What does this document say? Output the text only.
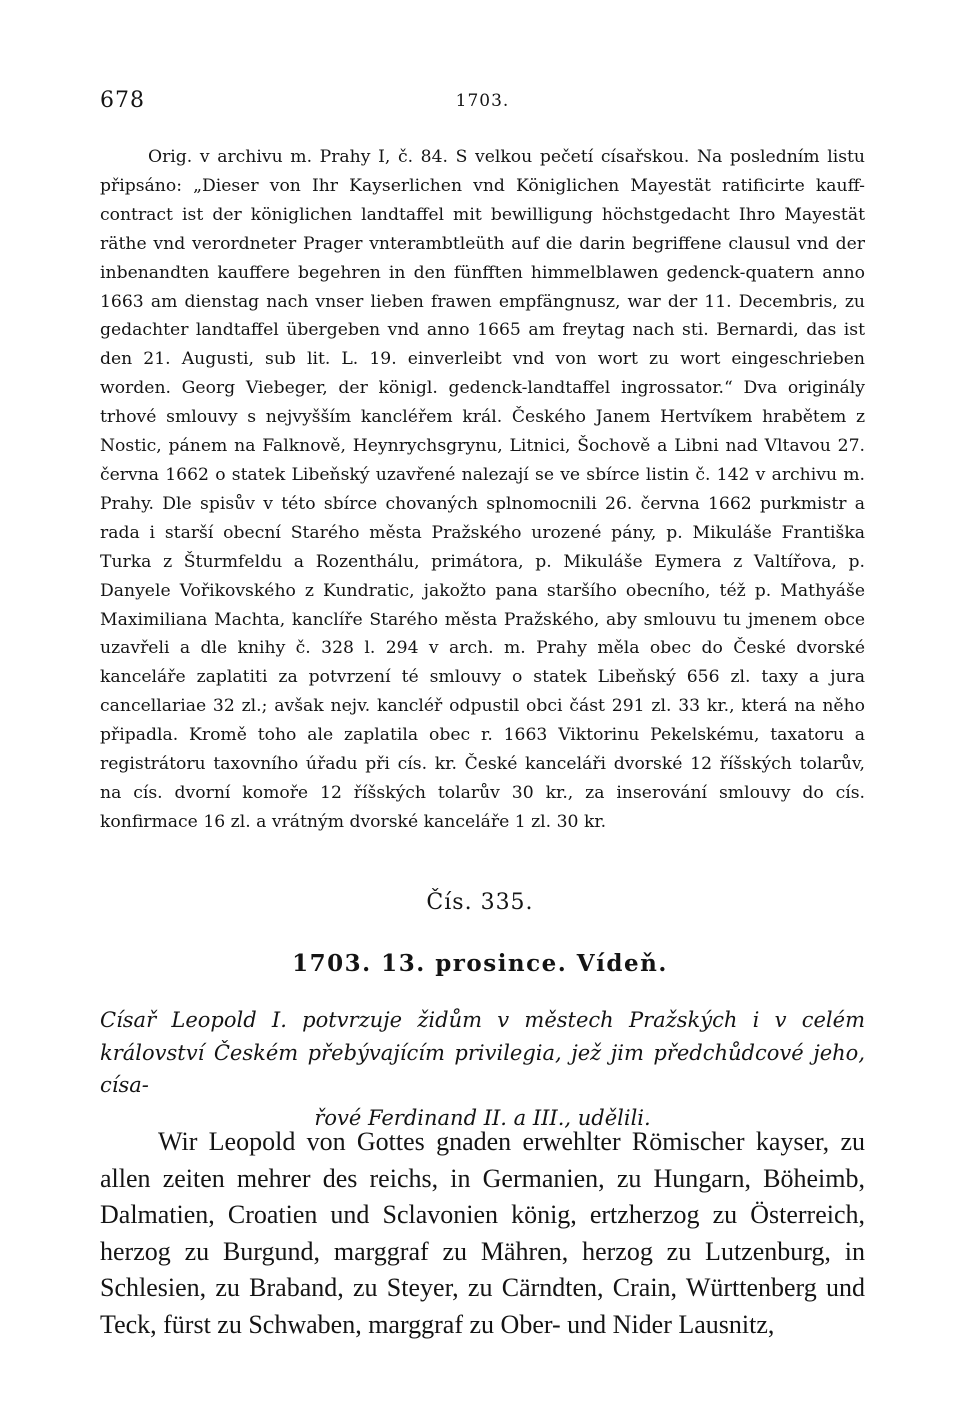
678	1703.

Orig. v archivu m. Prahy I, č. 84. S velkou pečetí císařskou. Na posledním listu připsáno: „Dieser von Ihr Kayserlichen vnd Königlichen Mayestät ratificirte kauff-contract ist der königlichen landtaffel mit bewilligung höchstgedacht Ihro Mayestät räthe vnd verordneter Prager vnterambtleüth auf die darin begriffene clausul vnd der inbenandten kauffere begehren in den fünfften himmelblawen gedenck-quatern anno 1663 am dienstag nach vnser lieben frawen empfängnusz, war der 11. Decembris, zu gedachter landtaffel übergeben vnd anno 1665 am freytag nach sti. Bernardi, das ist den 21. Augusti, sub lit. L. 19. einverleibt vnd von wort zu wort eingeschrieben worden. Georg Viebeger, der königl. gedenck-landtaffel ingrossator.“ Dva originály trhové smlouvy s nejvyšším kancléřem král. Českého Janem Hertvíkem hrabětem z Nostic, pánem na Falknově, Heynrychsgrynu, Litnici, Šochově a Libni nad Vltavou 27. června 1662 o statek Libeňský uzavřené nalezají se ve sbírce listin č. 142 v archivu m. Prahy. Dle spisův v této sbírce chovaných splnomocnili 26. června 1662 purkmistr a rada i starší obecní Starého města Pražského urozené pány, p. Mikuláše Františka Turka z Šturmfeldu a Rozenthálu, primátora, p. Mikuláše Eymera z Valtířova, p. Danyele Vořikovského z Kundratic, jakožto pana staršího obecního, též p. Mathyáše Maximiliana Machta, kanclíře Starého města Pražského, aby smlouvu tu jmenem obce uzavřeli a dle knihy č. 328 l. 294 v arch. m. Prahy měla obec do České dvorské kanceláře zaplatiti za potvrzení té smlouvy o statek Libeňský 656 zl. taxy a jura cancellariae 32 zl.; avšak nejv. kancléř odpustil obci část 291 zl. 33 kr., která na něho připadla. Kromě toho ale zaplatila obec r. 1663 Viktorinu Pekelskému, taxatoru a registrátoru taxovního úřadu při cís. kr. České kanceláři dvorské 12 říšských tolarův, na cís. dvorní komoře 12 říšských tolarův 30 kr., za inserování smlouvy do cís. konfirmace 16 zl. a vrátným dvorské kanceláře 1 zl. 30 kr.

Čís. 335.
1703. 13. prosince. Vídeň.

Císař Leopold I. potvrzuje židům v městech Pražských i v celém království Českém přebývajícím privilegia, jež jim předchůdcové jeho, císa-
řové Ferdinand II. a III., udělili.

Wir Leopold von Gottes gnaden erwehlter Römischer kayser, zu allen zeiten mehrer des reichs, in Germanien, zu Hungarn, Böheimb, Dalmatien, Croatien und Sclavonien könig, ertzherzog zu Österreich, herzog zu Burgund, marggraf zu Mähren, herzog zu Lutzenburg, in Schlesien, zu Braband, zu Steyer, zu Cärndten, Crain, Württenberg und Teck, fürst zu Schwaben, marggraf zu Ober- und Nider Lausnitz,
